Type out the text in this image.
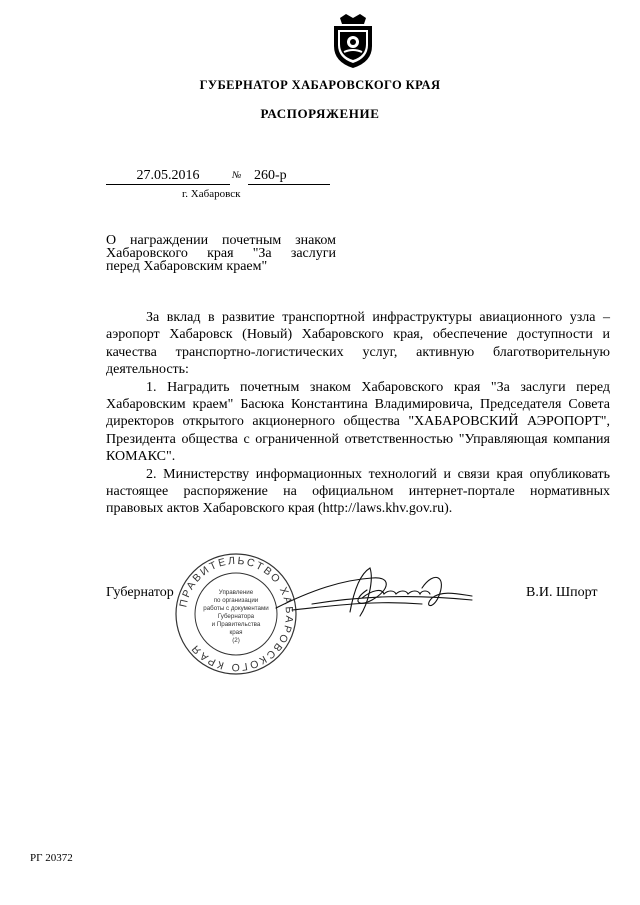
ГУБЕРНАТОР ХАБАРОВСКОГО КРАЯ
РАСПОРЯЖЕНИЕ
27.05.2016	№ 260-р
г. Хабаровск
О награждении почетным знаком
Хабаровского края "За заслуги
перед Хабаровским краем"

За вклад в развитие транспортной инфраструктуры авиационного узла – аэропорт Хабаровск (Новый) Хабаровского края, обеспечение доступности и качества транспортно-логистических услуг, активную благотворительную деятельность:

1. Наградить почетным знаком Хабаровского края "За заслуги перед Хабаровским краем" Басюка Константина Владимировича, Председателя Совета директоров открытого акционерного общества "ХАБАРОВСКИЙ АЭРОПОРТ", Президента общества с ограниченной ответственностью "Управляющая компания КОМАКС".

2. Министерству информационных технологий и связи края опубликовать настоящее распоряжение на официальном интернет-портале нормативных правовых актов Хабаровского края (http://laws.khv.gov.ru).

Губернатор	В.И. Шпорт
ПРАВИТЕЛЬСТВО ХАБАРОВСКОГО КРАЯ
Управление
по организации
работы с документами
Губернатора
и Правительства
края
(2)
РГ 20372
